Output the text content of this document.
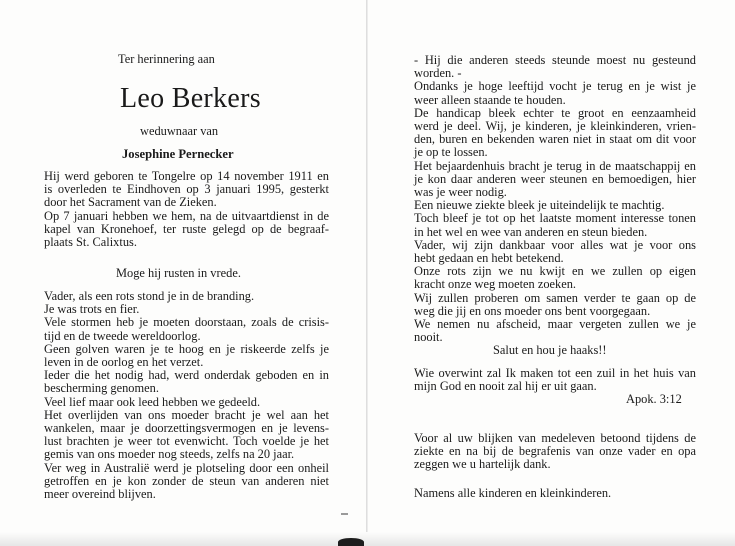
Ter herinnering aan
Leo Berkers
weduwnaar van
Josephine Pernecker
Hij werd geboren te Tongelre op 14 november 1911 en
is overleden te Eindhoven op 3 januari 1995, gesterkt
door het Sacrament van de Zieken.
Op 7 januari hebben we hem, na de uitvaartdienst in de
kapel van Kronehoef, ter ruste gelegd op de begraaf-
plaats St. Calixtus.
Moge hij rusten in vrede.
Vader, als een rots stond je in de branding.
Je was trots en fier.
Vele stormen heb je moeten doorstaan, zoals de crisis-
tijd en de tweede wereldoorlog.
Geen golven waren je te hoog en je riskeerde zelfs je
leven in de oorlog en het verzet.
Ieder die het nodig had, werd onderdak geboden en in
bescherming genomen.
Veel lief maar ook leed hebben we gedeeld.
Het overlijden van ons moeder bracht je wel aan het
wankelen, maar je doorzettingsvermogen en je levens-
lust brachten je weer tot evenwicht. Toch voelde je het
gemis van ons moeder nog steeds, zelfs na 20 jaar.
Ver weg in Australië werd je plotseling door een onheil
getroffen en je kon zonder de steun van anderen niet
meer overeind blijven.
- Hij die anderen steeds steunde moest nu gesteund
worden. -
Ondanks je hoge leeftijd vocht je terug en je wist je
weer alleen staande te houden.
De handicap bleek echter te groot en eenzaamheid
werd je deel. Wij, je kinderen, je kleinkinderen, vrien-
den, buren en bekenden waren niet in staat om dit voor
je op te lossen.
Het bejaardenhuis bracht je terug in de maatschappij en
je kon daar anderen weer steunen en bemoedigen, hier
was je weer nodig.
Een nieuwe ziekte bleek je uiteindelijk te machtig.
Toch bleef je tot op het laatste moment interesse tonen
in het wel en wee van anderen en steun bieden.
Vader, wij zijn dankbaar voor alles wat je voor ons
hebt gedaan en hebt betekend.
Onze rots zijn we nu kwijt en we zullen op eigen
kracht onze weg moeten zoeken.
Wij zullen proberen om samen verder te gaan op de
weg die jij en ons moeder ons bent voorgegaan.
We nemen nu afscheid, maar vergeten zullen we je
nooit.
Salut en hou je haaks!!
Wie overwint zal Ik maken tot een zuil in het huis van
mijn God en nooit zal hij er uit gaan.
Apok. 3:12
Voor al uw blijken van medeleven betoond tijdens de
ziekte en na bij de begrafenis van onze vader en opa
zeggen we u hartelijk dank.
Namens alle kinderen en kleinkinderen.
